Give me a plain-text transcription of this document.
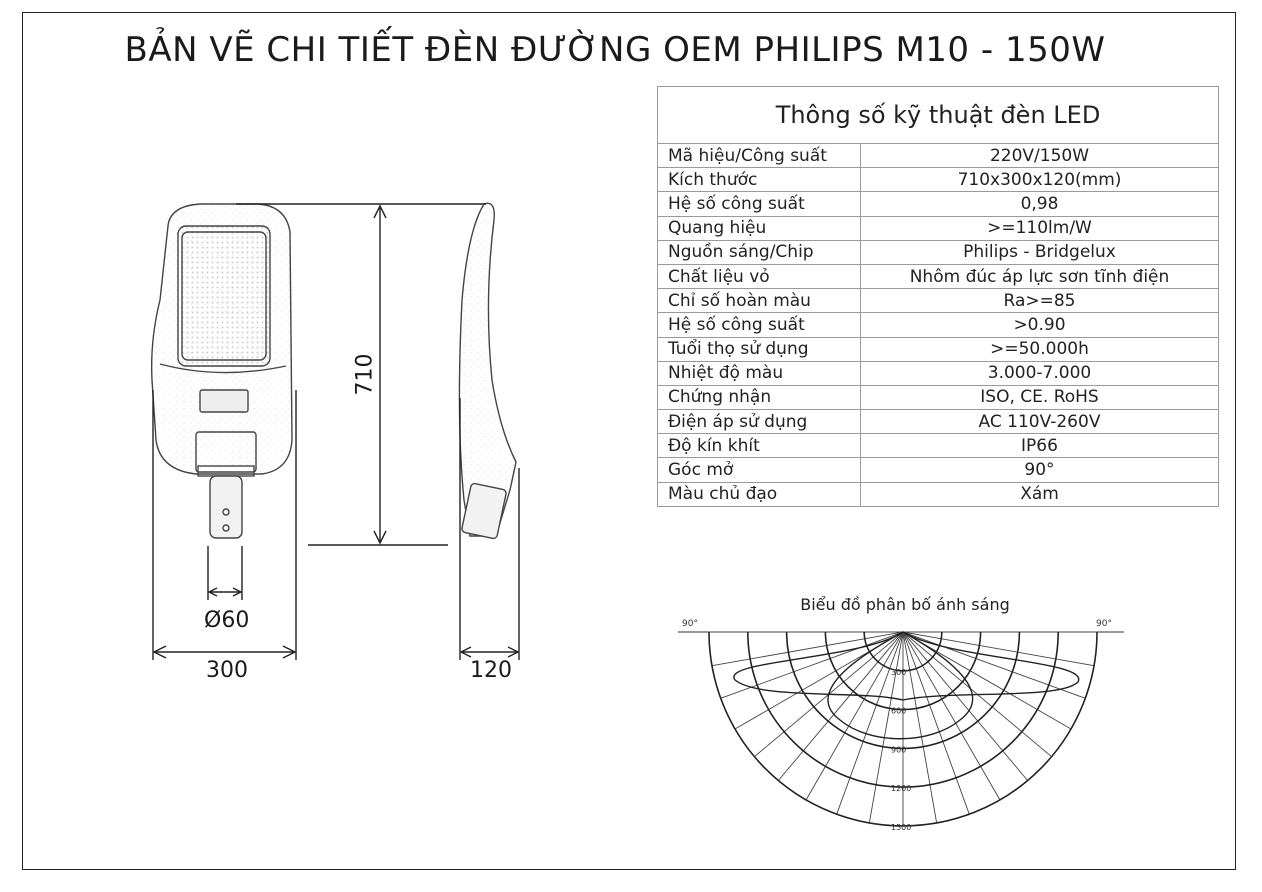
BẢN VẼ CHI TIẾT ĐÈN ĐƯỜNG OEM PHILIPS M10 - 150W
710
300
Ø60
120
Thông số kỹ thuật đèn LED	
Mã hiệu/Công suất	220V/150W
Kích thước	710x300x120(mm)
Hệ số công suất	0,98
Quang hiệu	>=110lm/W
Nguồn sáng/Chip	Philips - Bridgelux
Chất liệu vỏ	Nhôm đúc áp lực sơn tĩnh điện
Chỉ số hoàn màu	Ra>=85
Hệ số công suất	>0.90
Tuổi thọ sử dụng	>=50.000h
Nhiệt độ màu	3.000-7.000
Chứng nhận	ISO, CE. RoHS
Điện áp sử dụng	AC 110V-260V
Độ kín khít	IP66
Góc mở	90°
Màu chủ đạo	Xám
Biểu đồ phân bố ánh sáng
90°	90°
300
600
900
1200
1500
